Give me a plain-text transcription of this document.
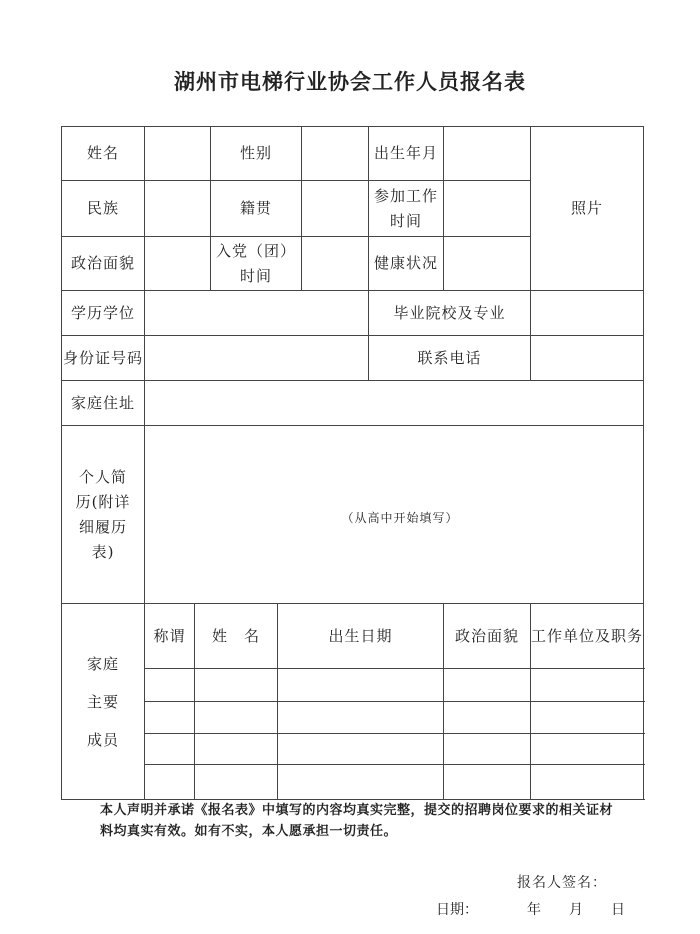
湖州市电梯行业协会工作人员报名表
姓名			性别			出生年月		照片
民族			籍贯			参加工作时间		
政治面貌			入党（团）时间			健康状况		
学历学位						毕业院校及专业		
身份证号码						联系电话		
家庭住址								
个人简历(附详细履历表)	（从高中开始填写）							

家庭主要成员	称谓	姓　名		出生日期			政治面貌	工作单位及职务

本人声明并承诺《报名表》中填写的内容均真实完整，提交的招聘岗位要求的相关证材料均真实有效。如有不实，本人愿承担一切责任。
报名人签名：
日期：　　　　年　　月　　日
